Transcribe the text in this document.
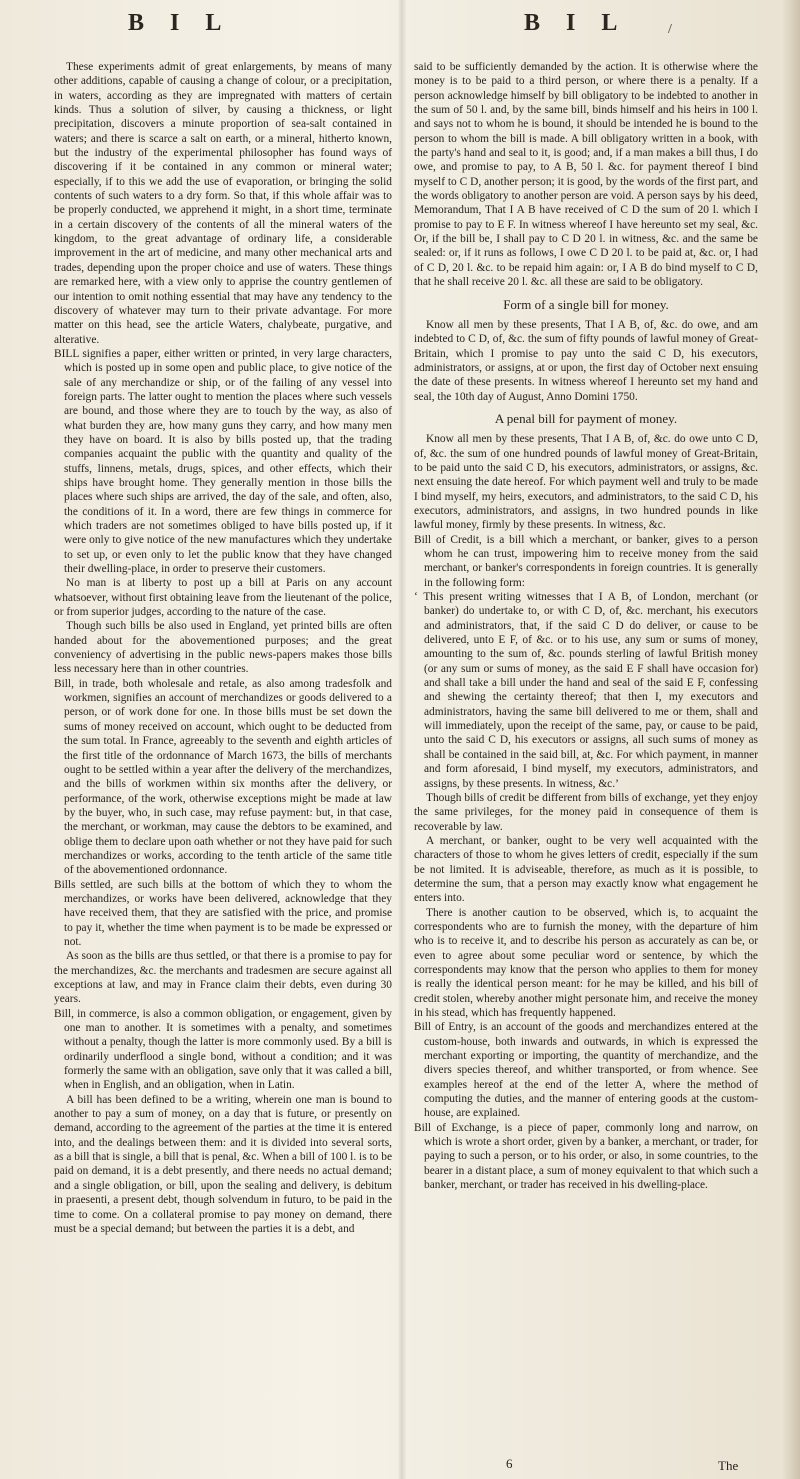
B I L	B I L	/

These experiments admit of great enlargements, by means of many other additions, capable of causing a change of colour, or a precipitation, in waters, according as they are impregnated with matters of certain kinds. Thus a solution of silver, by causing a thickness, or light precipitation, discovers a minute proportion of sea-salt contained in waters; and there is scarce a salt on earth, or a mineral, hitherto known, but the industry of the experimental philosopher has found ways of discovering if it be contained in any common or mineral water; especially, if to this we add the use of evaporation, or bringing the solid contents of such waters to a dry form. So that, if this whole affair was to be properly conducted, we apprehend it might, in a short time, terminate in a certain discovery of the contents of all the mineral waters of the kingdom, to the great advantage of ordinary life, a considerable improvement in the art of medicine, and many other mechanical arts and trades, depending upon the proper choice and use of waters. These things are remarked here, with a view only to apprise the country gentlemen of our intention to omit nothing essential that may have any tendency to the discovery of whatever may turn to their private advantage. For more matter on this head, see the article Waters, chalybeate, purgative, and alterative.

BILL signifies a paper, either written or printed, in very large characters, which is posted up in some open and public place, to give notice of the sale of any merchandize or ship, or of the failing of any vessel into foreign parts. The latter ought to mention the places where such vessels are bound, and those where they are to touch by the way, as also of what burden they are, how many guns they carry, and how many men they have on board. It is also by bills posted up, that the trading companies acquaint the public with the quantity and quality of the stuffs, linnens, metals, drugs, spices, and other effects, which their ships have brought home. They generally mention in those bills the places where such ships are arrived, the day of the sale, and often, also, the conditions of it. In a word, there are few things in commerce for which traders are not sometimes obliged to have bills posted up, if it were only to give notice of the new manufactures which they undertake to set up, or even only to let the public know that they have changed their dwelling-place, in order to preserve their customers.

No man is at liberty to post up a bill at Paris on any account whatsoever, without first obtaining leave from the lieutenant of the police, or from superior judges, according to the nature of the case.

Though such bills be also used in England, yet printed bills are often handed about for the abovementioned purposes; and the great conveniency of advertising in the public news-papers makes those bills less necessary here than in other countries.

Bill, in trade, both wholesale and retale, as also among tradesfolk and workmen, signifies an account of merchandizes or goods delivered to a person, or of work done for one. In those bills must be set down the sums of money received on account, which ought to be deducted from the sum total. In France, agreeably to the seventh and eighth articles of the first title of the ordonnance of March 1673, the bills of merchants ought to be settled within a year after the delivery of the merchandizes, and the bills of workmen within six months after the delivery, or performance, of the work, otherwise exceptions might be made at law by the buyer, who, in such case, may refuse payment: but, in that case, the merchant, or workman, may cause the debtors to be examined, and oblige them to declare upon oath whether or not they have paid for such merchandizes or works, according to the tenth article of the same title of the abovementioned ordonnance.

Bills settled, are such bills at the bottom of which they to whom the merchandizes, or works have been delivered, acknowledge that they have received them, that they are satisfied with the price, and promise to pay it, whether the time when payment is to be made be expressed or not.

As soon as the bills are thus settled, or that there is a promise to pay for the merchandizes, &c. the merchants and tradesmen are secure against all exceptions at law, and may in France claim their debts, even during 30 years.

Bill, in commerce, is also a common obligation, or engagement, given by one man to another. It is sometimes with a penalty, and sometimes without a penalty, though the latter is more commonly used. By a bill is ordinarily underflood a single bond, without a condition; and it was formerly the same with an obligation, save only that it was called a bill, when in English, and an obligation, when in Latin.

A bill has been defined to be a writing, wherein one man is bound to another to pay a sum of money, on a day that is future, or presently on demand, according to the agreement of the parties at the time it is entered into, and the dealings between them: and it is divided into several sorts, as a bill that is single, a bill that is penal, &c. When a bill of 100 l. is to be paid on demand, it is a debt presently, and there needs no actual demand; and a single obligation, or bill, upon the sealing and delivery, is debitum in praesenti, a present debt, though solvendum in futuro, to be paid in the time to come. On a collateral promise to pay money on demand, there must be a special demand; but between the parties it is a debt, and

said to be sufficiently demanded by the action. It is otherwise where the money is to be paid to a third person, or where there is a penalty. If a person acknowledge himself by bill obligatory to be indebted to another in the sum of 50 l. and, by the same bill, binds himself and his heirs in 100 l. and says not to whom he is bound, it should be intended he is bound to the person to whom the bill is made. A bill obligatory written in a book, with the party's hand and seal to it, is good; and, if a man makes a bill thus, I do owe, and promise to pay, to A B, 50 l. &c. for payment thereof I bind myself to C D, another person; it is good, by the words of the first part, and the words obligatory to another person are void. A person says by his deed, Memorandum, That I A B have received of C D the sum of 20 l. which I promise to pay to E F. In witness whereof I have hereunto set my seal, &c. Or, if the bill be, I shall pay to C D 20 l. in witness, &c. and the same be sealed: or, if it runs as follows, I owe C D 20 l. to be paid at, &c. or, I had of C D, 20 l. &c. to be repaid him again: or, I A B do bind myself to C D, that he shall receive 20 l. &c. all these are said to be obligatory.

Form of a single bill for money.

Know all men by these presents, That I A B, of, &c. do owe, and am indebted to C D, of, &c. the sum of fifty pounds of lawful money of Great-Britain, which I promise to pay unto the said C D, his executors, administrators, or assigns, at or upon, the first day of October next ensuing the date of these presents. In witness whereof I hereunto set my hand and seal, the 10th day of August, Anno Domini 1750.

A penal bill for payment of money.

Know all men by these presents, That I A B, of, &c. do owe unto C D, of, &c. the sum of one hundred pounds of lawful money of Great-Britain, to be paid unto the said C D, his executors, administrators, or assigns, &c. next ensuing the date hereof. For which payment well and truly to be made I bind myself, my heirs, executors, and administrators, to the said C D, his executors, administrators, and assigns, in two hundred pounds in like lawful money, firmly by these presents. In witness, &c.

Bill of Credit, is a bill which a merchant, or banker, gives to a person whom he can trust, impowering him to receive money from the said merchant, or banker's correspondents in foreign countries. It is generally in the following form:

‘ This present writing witnesses that I A B, of London, merchant (or banker) do undertake to, or with C D, of, &c. merchant, his executors and administrators, that, if the said C D do deliver, or cause to be delivered, unto E F, of &c. or to his use, any sum or sums of money, amounting to the sum of, &c. pounds sterling of lawful British money (or any sum or sums of money, as the said E F shall have occasion for) and shall take a bill under the hand and seal of the said E F, confessing and shewing the certainty thereof; that then I, my executors and administrators, having the same bill delivered to me or them, shall and will immediately, upon the receipt of the same, pay, or cause to be paid, unto the said C D, his executors or assigns, all such sums of money as shall be contained in the said bill, at, &c. For which payment, in manner and form aforesaid, I bind myself, my executors, administrators, and assigns, by these presents. In witness, &c.’

Though bills of credit be different from bills of exchange, yet they enjoy the same privileges, for the money paid in consequence of them is recoverable by law.

A merchant, or banker, ought to be very well acquainted with the characters of those to whom he gives letters of credit, especially if the sum be not limited. It is adviseable, therefore, as much as it is possible, to determine the sum, that a person may exactly know what engagement he enters into.

There is another caution to be observed, which is, to acquaint the correspondents who are to furnish the money, with the departure of him who is to receive it, and to describe his person as accurately as can be, or even to agree about some peculiar word or sentence, by which the correspondents may know that the person who applies to them for money is really the identical person meant: for he may be killed, and his bill of credit stolen, whereby another might personate him, and receive the money in his stead, which has frequently happened.

Bill of Entry, is an account of the goods and merchandizes entered at the custom-house, both inwards and outwards, in which is expressed the merchant exporting or importing, the quantity of merchandize, and the divers species thereof, and whither transported, or from whence. See examples hereof at the end of the letter A, where the method of computing the duties, and the manner of entering goods at the custom-house, are explained.

Bill of Exchange, is a piece of paper, commonly long and narrow, on which is wrote a short order, given by a banker, a merchant, or trader, for paying to such a person, or to his order, or also, in some countries, to the bearer in a distant place, a sum of money equivalent to that which such a banker, merchant, or trader has received in his dwelling-place.

6	The
